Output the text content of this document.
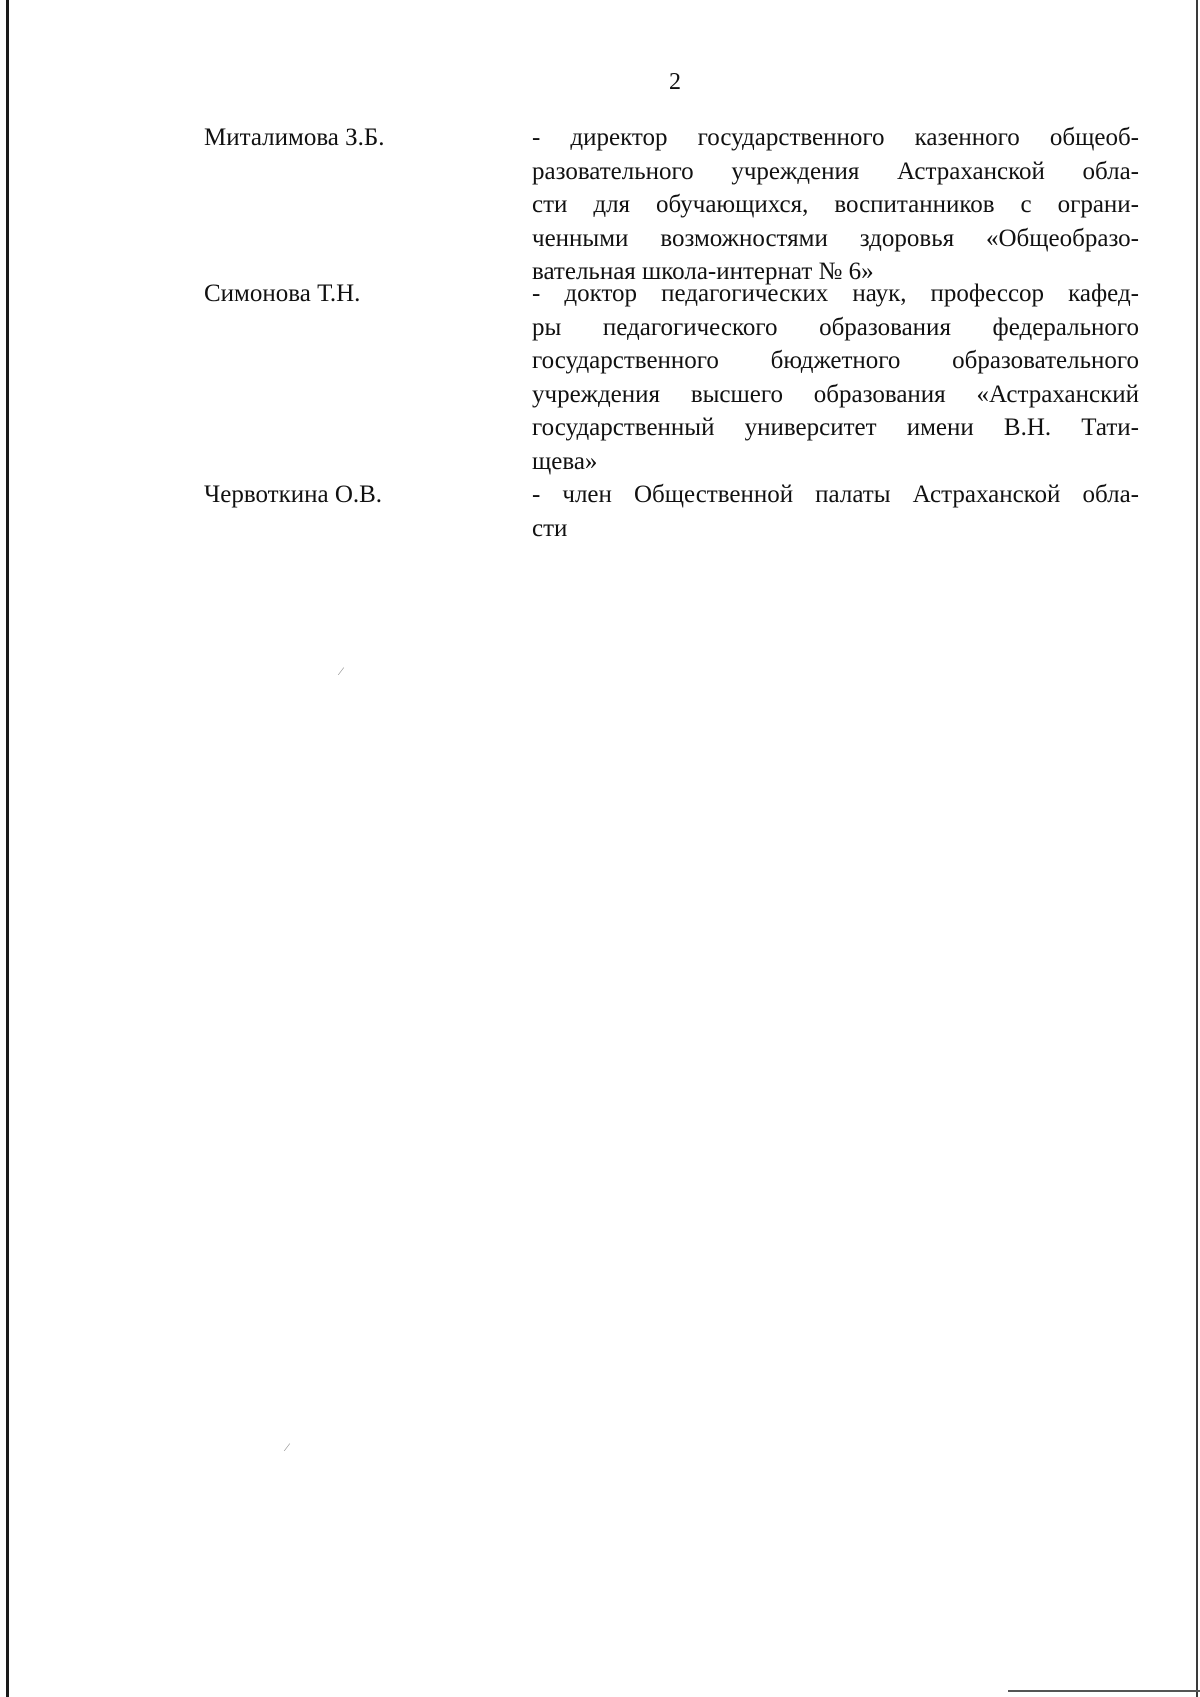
2
Миталимова З.Б.	- директор государственного казенного общеоб-
разовательного учреждения Астраханской обла-
сти для обучающихся, воспитанников с ограни-
ченными возможностями здоровья «Общеобразо-
вательная школа-интернат № 6»
Симонова Т.Н.	- доктор педагогических наук, профессор кафед-
ры педагогического образования федерального
государственного бюджетного образовательного
учреждения высшего образования «Астраханский
государственный университет имени В.Н. Тати-
щева»
Червоткина О.В.	- член Общественной палаты Астраханской обла-
сти
⁄
⁄
